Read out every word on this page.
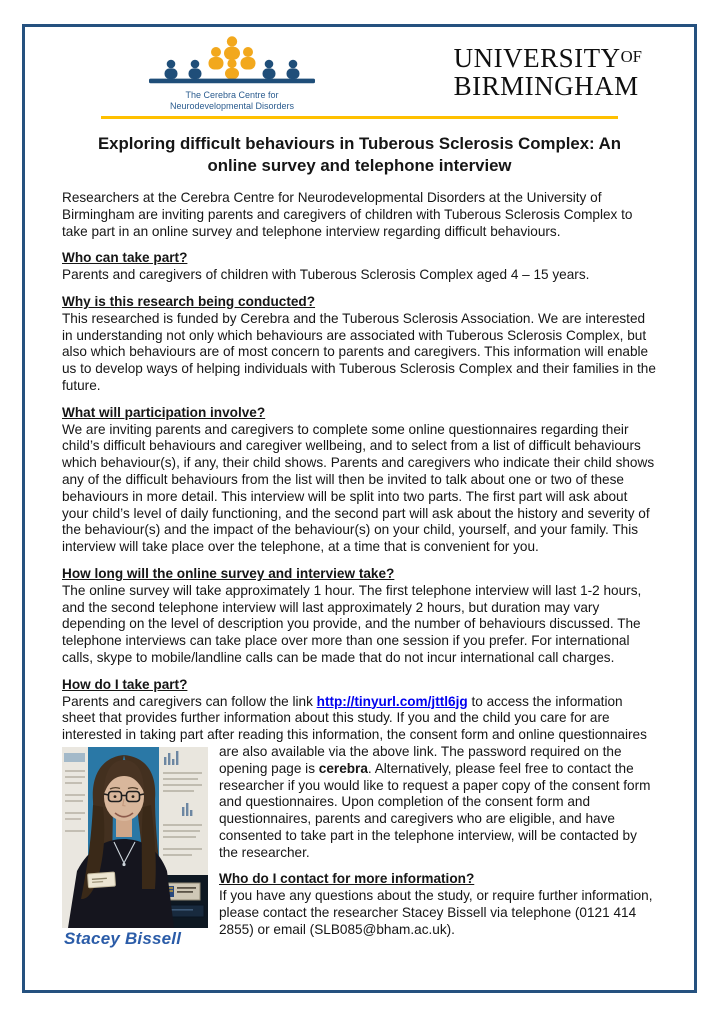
The Cerebra Centre for
Neurodevelopmental Disorders
UNIVERSITYOF
BIRMINGHAM
Exploring difficult behaviours in Tuberous Sclerosis Complex: An online survey and telephone interview

Researchers at the Cerebra Centre for Neurodevelopmental Disorders at the University of Birmingham are inviting parents and caregivers of children with Tuberous Sclerosis Complex to take part in an online survey and telephone interview regarding difficult behaviours.

Who can take part?

Parents and caregivers of children with Tuberous Sclerosis Complex aged 4 – 15 years.

Why is this research being conducted?

This researched is funded by Cerebra and the Tuberous Sclerosis Association. We are interested in understanding not only which behaviours are associated with Tuberous Sclerosis Complex, but also which behaviours are of most concern to parents and caregivers. This information will enable us to develop ways of helping individuals with Tuberous Sclerosis Complex and their families in the future.

What will participation involve?

We are inviting parents and caregivers to complete some online questionnaires regarding their child’s difficult behaviours and caregiver wellbeing, and to select from a list of difficult behaviours which behaviour(s), if any, their child shows. Parents and caregivers who indicate their child shows any of the difficult behaviours from the list will then be invited to talk about one or two of these behaviours in more detail. This interview will be split into two parts. The first part will ask about your child’s level of daily functioning, and the second part will ask about the history and severity of the behaviour(s) and the impact of the behaviour(s) on your child, yourself, and your family. This interview will take place over the telephone, at a time that is convenient for you.

How long will the online survey and interview take?

The online survey will take approximately 1 hour. The first telephone interview will last 1-2 hours, and the second telephone interview will last approximately 2 hours, but duration may vary depending on the level of description you provide, and the number of behaviours discussed. The telephone interviews can take place over more than one session if you prefer. For international calls, skype to mobile/landline calls can be made that do not incur international call charges.

How do I take part?

Parents and caregivers can follow the link http://tinyurl.com/jttl6jg to access the information sheet that provides further information about this study. If you and the child you care for are interested in taking part after reading this information, the consent form and online
Stacey Bissell
questionnaires are also available via the above link. The password required on the opening page is cerebra. Alternatively, please feel free to contact the researcher if you would like to request a paper copy of the consent form and questionnaires. Upon completion of the consent form and questionnaires, parents and caregivers who are eligible, and have consented to take part in the telephone interview, will be contacted by the researcher.

Who do I contact for more information?

If you have any questions about the study, or require further information, please contact the researcher Stacey Bissell via telephone (0121 414 2855) or email (SLB085@bham.ac.uk).
